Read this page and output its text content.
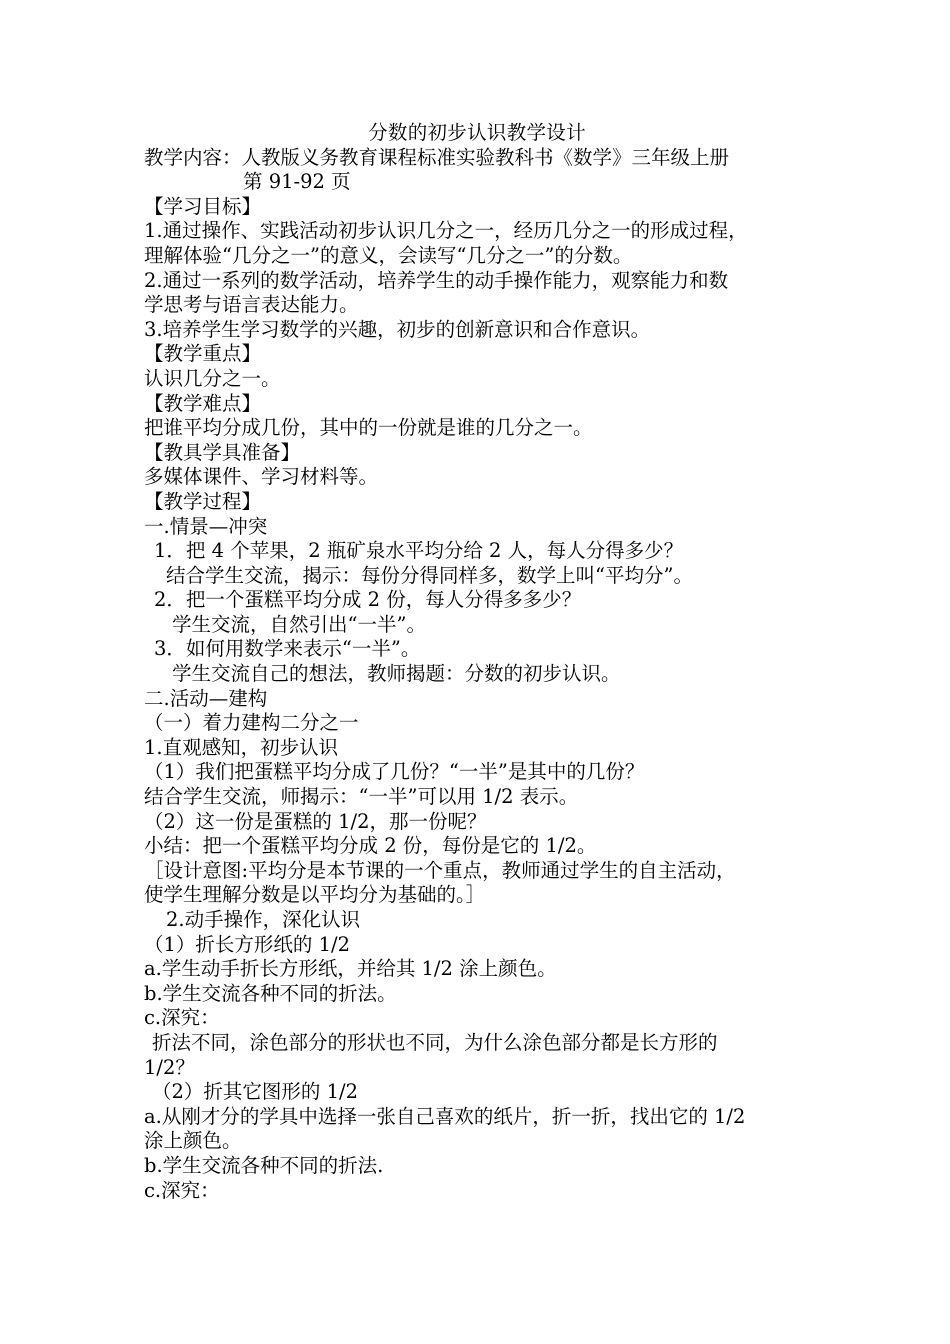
分数的初步认识教学设计
教学内容：人教版义务教育课程标准实验教科书《数学》三年级上册
第 91-92 页
【学习目标】
1.通过操作、实践活动初步认识几分之一，经历几分之一的形成过程，
理解体验“几分之一”的意义，会读写“几分之一”的分数。
2.通过一系列的数学活动，培养学生的动手操作能力，观察能力和数
学思考与语言表达能力。
3.培养学生学习数学的兴趣，初步的创新意识和合作意识。
【教学重点】
认识几分之一。
【教学难点】
把谁平均分成几份，其中的一份就是谁的几分之一。
【教具学具准备】
多媒体课件、学习材料等。
【教学过程】
一.情景—冲突
1．把 4 个苹果，2 瓶矿泉水平均分给 2 人，每人分得多少？
结合学生交流，揭示：每份分得同样多，数学上叫“平均分”。
2．把一个蛋糕平均分成 2 份，每人分得多多少？
学生交流，自然引出“一半”。
3．如何用数学来表示“一半”。
学生交流自己的想法，教师揭题：分数的初步认识。
二.活动—建构
（一）着力建构二分之一
1.直观感知，初步认识
（1）我们把蛋糕平均分成了几份？“一半”是其中的几份？
结合学生交流，师揭示：“一半”可以用 1/2 表示。
（2）这一份是蛋糕的 1/2，那一份呢？
小结：把一个蛋糕平均分成 2 份，每份是它的 1/2。
［设计意图:平均分是本节课的一个重点，教师通过学生的自主活动，
使学生理解分数是以平均分为基础的。］
2.动手操作，深化认识
（1）折长方形纸的 1/2
a.学生动手折长方形纸，并给其 1/2 涂上颜色。
b.学生交流各种不同的折法。
c.深究：
折法不同，涂色部分的形状也不同，为什么涂色部分都是长方形的
1/2？
（2）折其它图形的 1/2
a.从刚才分的学具中选择一张自己喜欢的纸片，折一折，找出它的 1/2
涂上颜色。
b.学生交流各种不同的折法.
c.深究：
